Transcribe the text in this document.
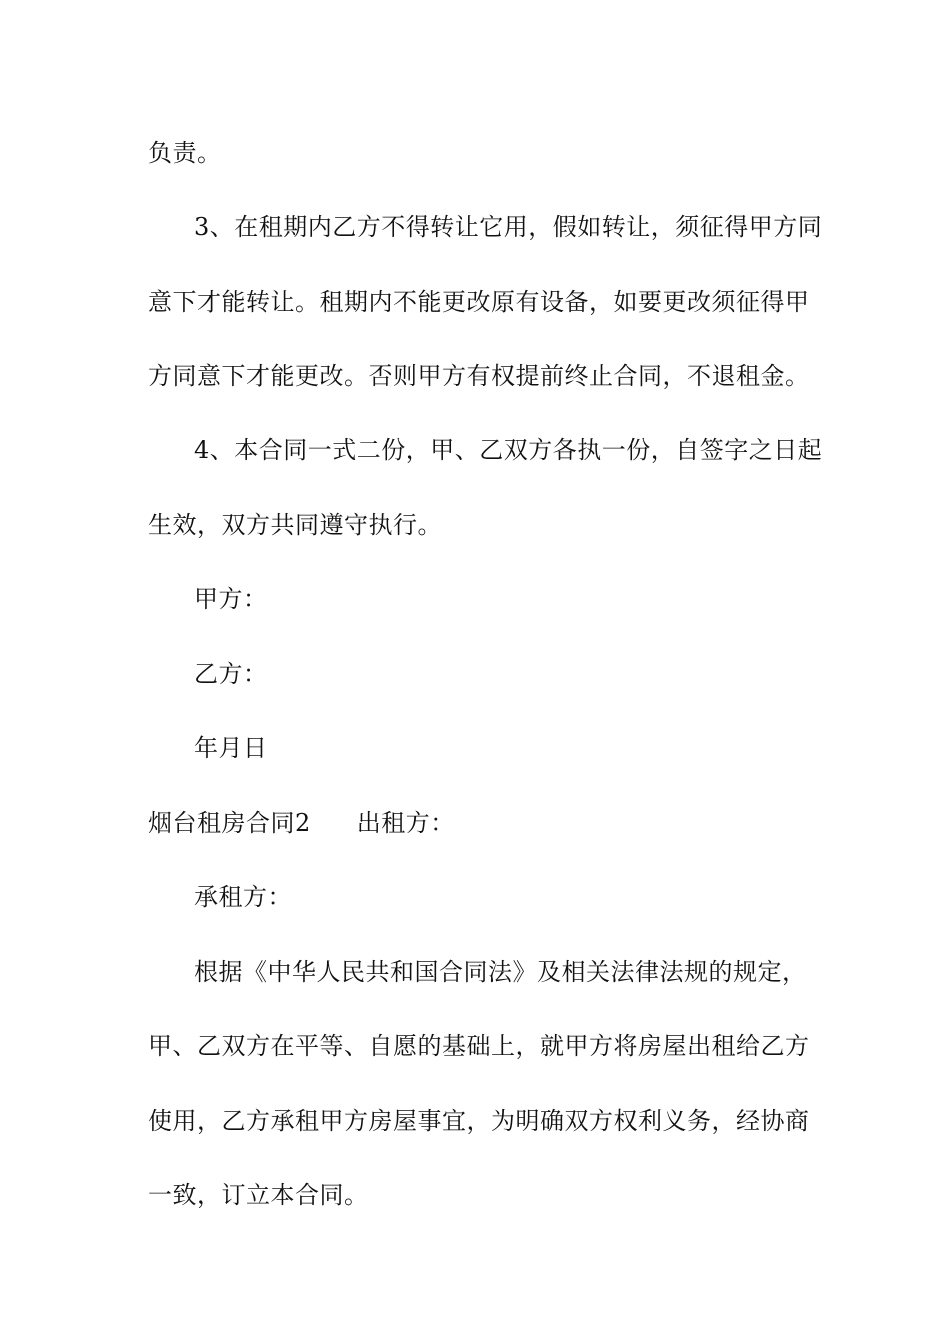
负责。
3、在租期内乙方不得转让它用，假如转让，须征得甲方同
意下才能转让。租期内不能更改原有设备，如要更改须征得甲
方同意下才能更改。否则甲方有权提前终止合同，不退租金。
4、本合同一式二份，甲、乙双方各执一份，自签字之日起
生效，双方共同遵守执行。
甲方：
乙方：
年月日
烟台租房合同2 出租方：
承租方：
根据《中华人民共和国合同法》及相关法律法规的规定，
甲、乙双方在平等、自愿的基础上，就甲方将房屋出租给乙方
使用，乙方承租甲方房屋事宜，为明确双方权利义务，经协商
一致，订立本合同。
